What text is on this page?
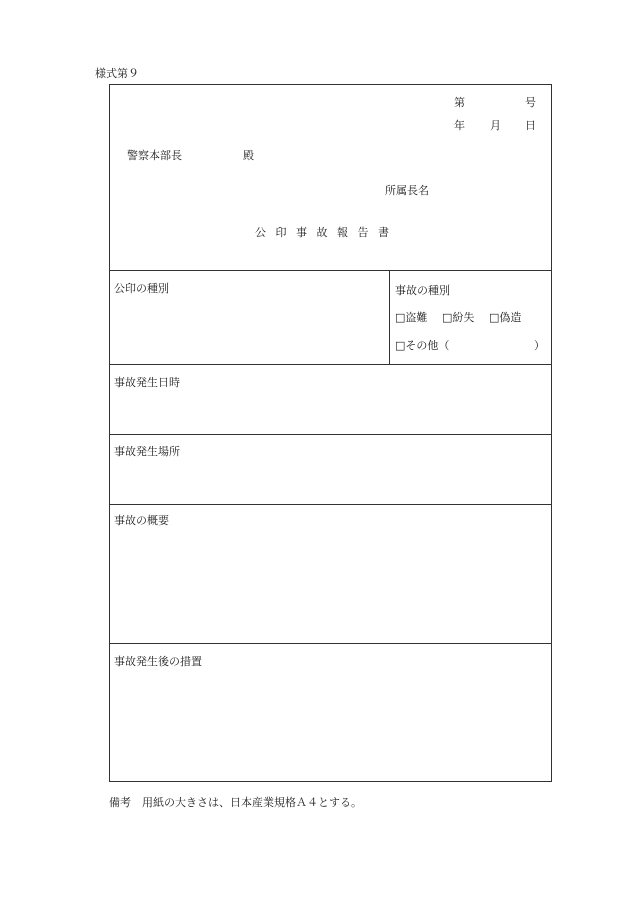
様式第９
第	号
年 月 日
警察本部長	殿
所属長名
公 印 事 故 報 告 書
公印の種別	事故の種別
□盗難 □紛失 □偽造
□その他（	）
事故発生日時
事故発生場所
事故の概要
事故発生後の措置
備考　用紙の大きさは、日本産業規格Ａ４とする。
